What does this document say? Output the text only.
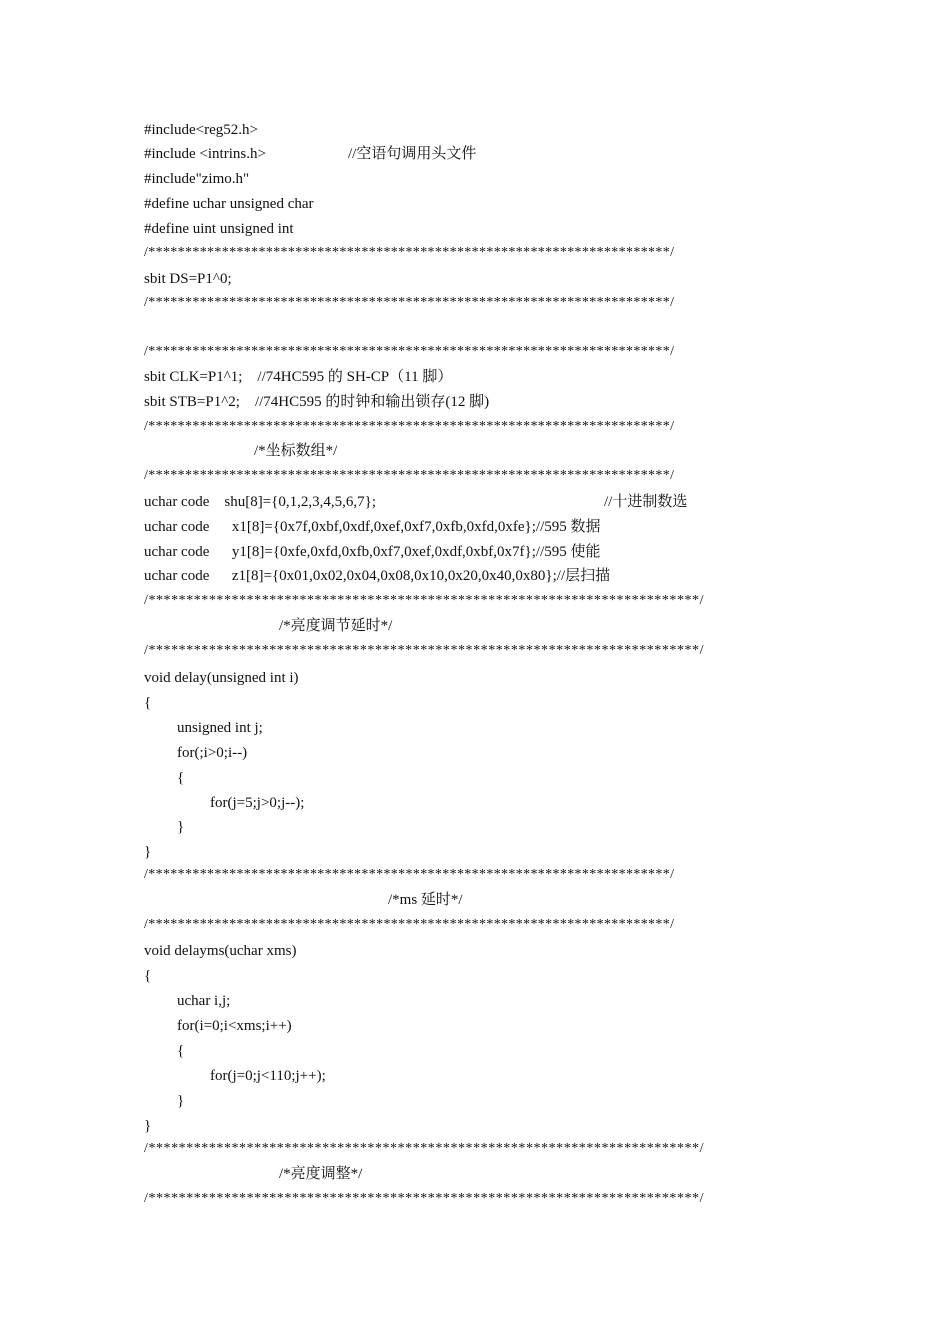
#include<reg52.h>
#include <intrins.h>	//空语句调用头文件
#include"zimo.h"
#define uchar unsigned char
#define uint unsigned int
/***********************************************************************/
sbit DS=P1^0;
/***********************************************************************/
/***********************************************************************/
sbit CLK=P1^1;    //74HC595 的 SH-CP（11 脚）
sbit STB=P1^2;    //74HC595 的时钟和输出锁存(12 脚)
/***********************************************************************/
/*坐标数组*/
/***********************************************************************/
uchar code    shu[8]={0,1,2,3,4,5,6,7};	//十进制数选
uchar code      x1[8]={0x7f,0xbf,0xdf,0xef,0xf7,0xfb,0xfd,0xfe};//595 数据
uchar code      y1[8]={0xfe,0xfd,0xfb,0xf7,0xef,0xdf,0xbf,0x7f};//595 使能
uchar code      z1[8]={0x01,0x02,0x04,0x08,0x10,0x20,0x40,0x80};//层扫描
/*************************************************************************/
/*亮度调节延时*/
/*************************************************************************/
void delay(unsigned int i)
{
unsigned int j;
for(;i>0;i--)
{
for(j=5;j>0;j--);
}
}
/***********************************************************************/
/*ms 延时*/
/***********************************************************************/
void delayms(uchar xms)
{
uchar i,j;
for(i=0;i<xms;i++)
{
for(j=0;j<110;j++);
}
}
/*************************************************************************/
/*亮度调整*/
/*************************************************************************/
